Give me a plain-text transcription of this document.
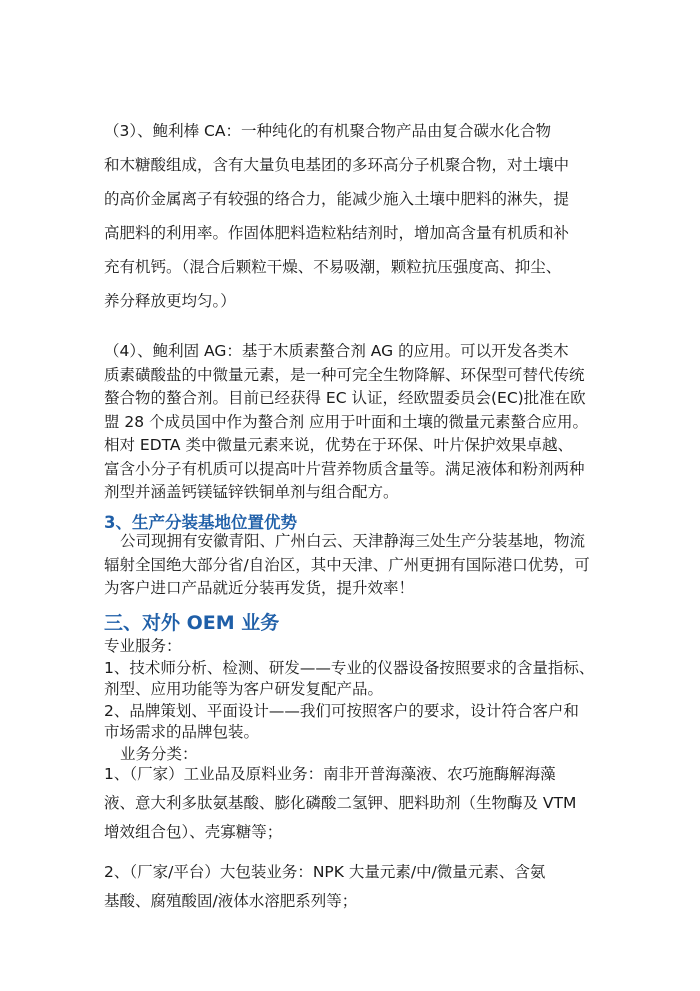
（3）、鲍利棒 CA：一种纯化的有机聚合物产品由复合碳水化合物
和木糖酸组成，含有大量负电基团的多环高分子机聚合物，对土壤中
的高价金属离子有较强的络合力，能减少施入土壤中肥料的淋失，提
高肥料的利用率。作固体肥料造粒粘结剂时，增加高含量有机质和补
充有机钙。（混合后颗粒干燥、不易吸潮，颗粒抗压强度高、抑尘、
养分释放更均匀。）
（4）、鲍利固 AG：基于木质素螯合剂 AG 的应用。可以开发各类木
质素磺酸盐的中微量元素，是一种可完全生物降解、环保型可替代传统
螯合物的螯合剂。目前已经获得 EC 认证，经欧盟委员会(EC)批准在欧
盟 28 个成员国中作为螯合剂 应用于叶面和土壤的微量元素螯合应用。
相对 EDTA 类中微量元素来说，优势在于环保、叶片保护效果卓越、
富含小分子有机质可以提高叶片营养物质含量等。满足液体和粉剂两种
剂型并涵盖钙镁锰锌铁铜单剂与组合配方。
3、生产分装基地位置优势
公司现拥有安徽青阳、广州白云、天津静海三处生产分装基地，物流
辐射全国绝大部分省/自治区，其中天津、广州更拥有国际港口优势，可
为客户进口产品就近分装再发货，提升效率！
三、对外 OEM 业务
专业服务：
1、技术师分析、检测、研发——专业的仪器设备按照要求的含量指标、
剂型、应用功能等为客户研发复配产品。
2、品牌策划、平面设计——我们可按照客户的要求，设计符合客户和
市场需求的品牌包装。
业务分类：
1、（厂家）工业品及原料业务：南非开普海藻液、农巧施酶解海藻
液、意大利多肽氨基酸、膨化磷酸二氢钾、肥料助剂（生物酶及 VTM
增效组合包）、壳寡糖等；
2、（厂家/平台）大包装业务：NPK 大量元素/中/微量元素、含氨
基酸、腐殖酸固/液体水溶肥系列等；
